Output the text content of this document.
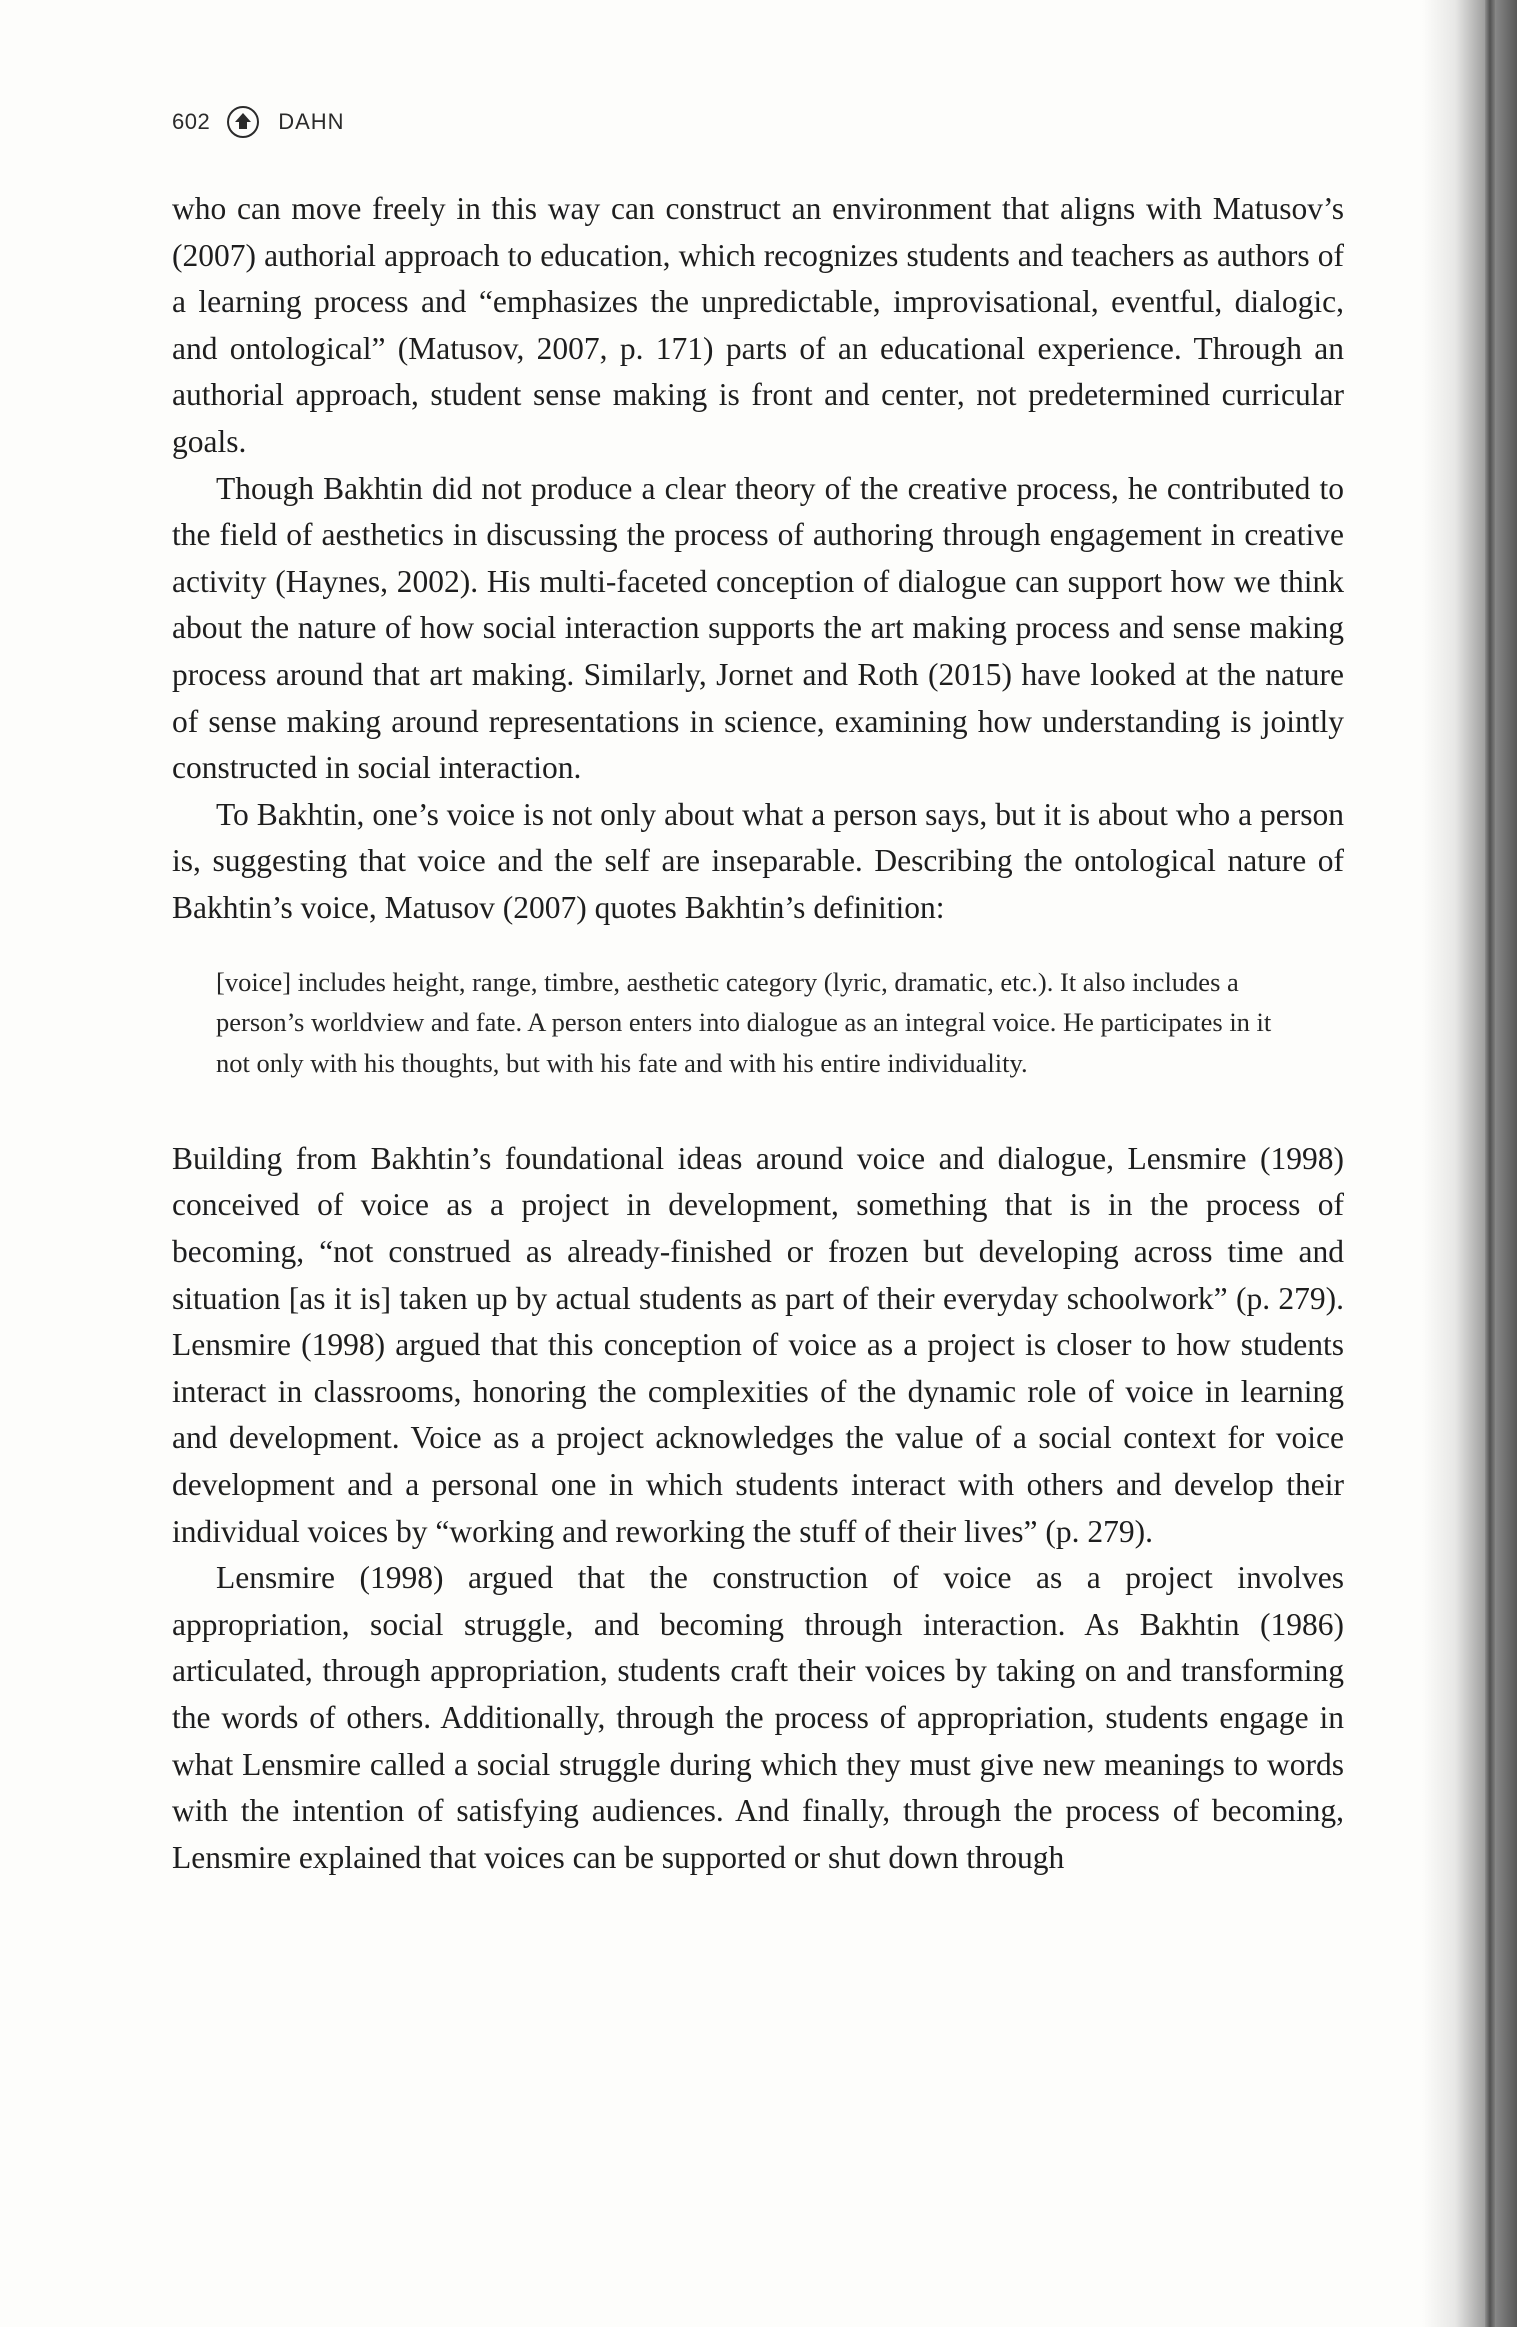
602	DAHN

who can move freely in this way can construct an environment that aligns with Matusov’s (2007) authorial approach to education, which recognizes students and teachers as authors of a learning process and “emphasizes the unpredictable, improvisational, eventful, dialogic, and ontological” (Matusov, 2007, p. 171) parts of an educational experience. Through an authorial approach, student sense making is front and center, not predetermined curricular goals.

Though Bakhtin did not produce a clear theory of the creative process, he contributed to the field of aesthetics in discussing the process of authoring through engagement in creative activity (Haynes, 2002). His multi-faceted conception of dialogue can support how we think about the nature of how social interaction supports the art making process and sense making process around that art making. Similarly, Jornet and Roth (2015) have looked at the nature of sense making around representations in science, examining how understanding is jointly constructed in social interaction.

To Bakhtin, one’s voice is not only about what a person says, but it is about who a person is, suggesting that voice and the self are inseparable. Describing the ontological nature of Bakhtin’s voice, Matusov (2007) quotes Bakhtin’s definition:

[voice] includes height, range, timbre, aesthetic category (lyric, dramatic, etc.). It also includes a person’s worldview and fate. A person enters into dialogue as an integral voice. He participates in it not only with his thoughts, but with his fate and with his entire individuality.

Building from Bakhtin’s foundational ideas around voice and dialogue, Lensmire (1998) conceived of voice as a project in development, something that is in the process of becoming, “not construed as already-finished or frozen but developing across time and situation [as it is] taken up by actual students as part of their everyday schoolwork” (p. 279). Lensmire (1998) argued that this conception of voice as a project is closer to how students interact in classrooms, honoring the complexities of the dynamic role of voice in learning and development. Voice as a project acknowledges the value of a social context for voice development and a personal one in which students interact with others and develop their individual voices by “working and reworking the stuff of their lives” (p. 279).

Lensmire (1998) argued that the construction of voice as a project involves appropriation, social struggle, and becoming through interaction. As Bakhtin (1986) articulated, through appropriation, students craft their voices by taking on and transforming the words of others. Additionally, through the process of appropriation, students engage in what Lensmire called a social struggle during which they must give new meanings to words with the intention of satisfying audiences. And finally, through the process of becoming, Lensmire explained that voices can be supported or shut down through
